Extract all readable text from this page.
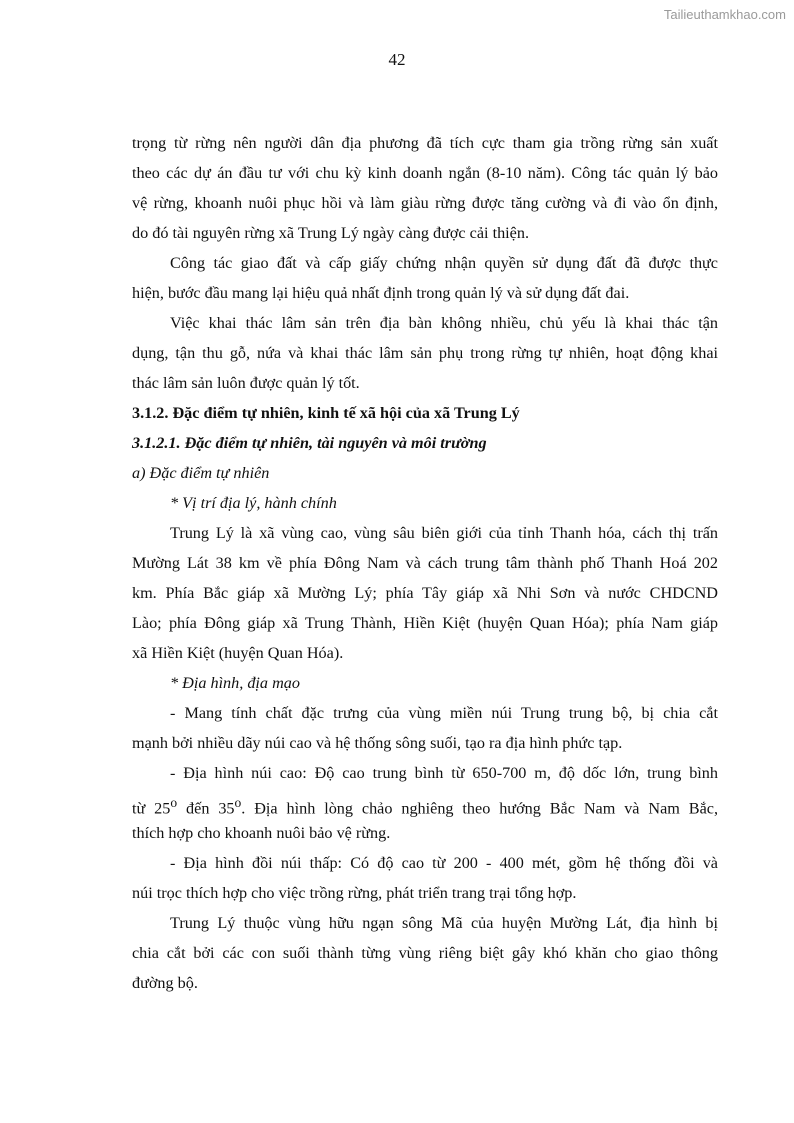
Tailieuthamkhao.com
42
trọng từ rừng nên người dân địa phương đã tích cực tham gia trồng rừng sản xuất
theo các dự án đầu tư với chu kỳ kinh doanh ngắn (8-10 năm). Công tác quản lý bảo
vệ rừng, khoanh nuôi phục hồi và làm giàu rừng được tăng cường và đi vào ổn định,
do đó tài nguyên rừng xã Trung Lý ngày càng được cải thiện.
Công tác giao đất và cấp giấy chứng nhận quyền sử dụng đất đã được thực
hiện, bước đầu mang lại hiệu quả nhất định trong quản lý và sử dụng đất đai.
Việc khai thác lâm sản trên địa bàn không nhiều, chủ yếu là khai thác tận
dụng, tận thu gỗ, nứa và khai thác lâm sản phụ trong rừng tự nhiên, hoạt động khai
thác lâm sản luôn được quản lý tốt.
3.1.2. Đặc điểm tự nhiên, kinh tế xã hội của xã Trung Lý
3.1.2.1. Đặc điểm tự nhiên, tài nguyên và môi trường
a) Đặc điểm tự nhiên
* Vị trí địa lý, hành chính
Trung Lý là xã vùng cao, vùng sâu biên giới của tỉnh Thanh hóa, cách thị trấn
Mường Lát 38 km về phía Đông Nam và cách trung tâm thành phố Thanh Hoá 202
km. Phía Bắc giáp xã Mường Lý; phía Tây giáp xã Nhi Sơn và nước CHDCND
Lào; phía Đông giáp xã Trung Thành, Hiền Kiệt (huyện Quan Hóa); phía Nam giáp
xã Hiền Kiệt (huyện Quan Hóa).
* Địa hình, địa mạo
- Mang tính chất đặc trưng của vùng miền núi Trung trung bộ, bị chia cắt
mạnh bởi nhiều dãy núi cao và hệ thống sông suối, tạo ra địa hình phức tạp.
- Địa hình núi cao: Độ cao trung bình từ 650-700 m, độ dốc lớn, trung bình
từ 25$^o$ đến 35$^o$. Địa hình lòng chảo nghiêng theo hướng Bắc Nam và Nam Bắc,
thích hợp cho khoanh nuôi bảo vệ rừng.
- Địa hình đồi núi thấp: Có độ cao từ 200 - 400 mét, gồm hệ thống đồi và
núi trọc thích hợp cho việc trồng rừng, phát triển trang trại tổng hợp.
Trung Lý thuộc vùng hữu ngạn sông Mã của huyện Mường Lát, địa hình bị
chia cắt bởi các con suối thành từng vùng riêng biệt gây khó khăn cho giao thông
đường bộ.
